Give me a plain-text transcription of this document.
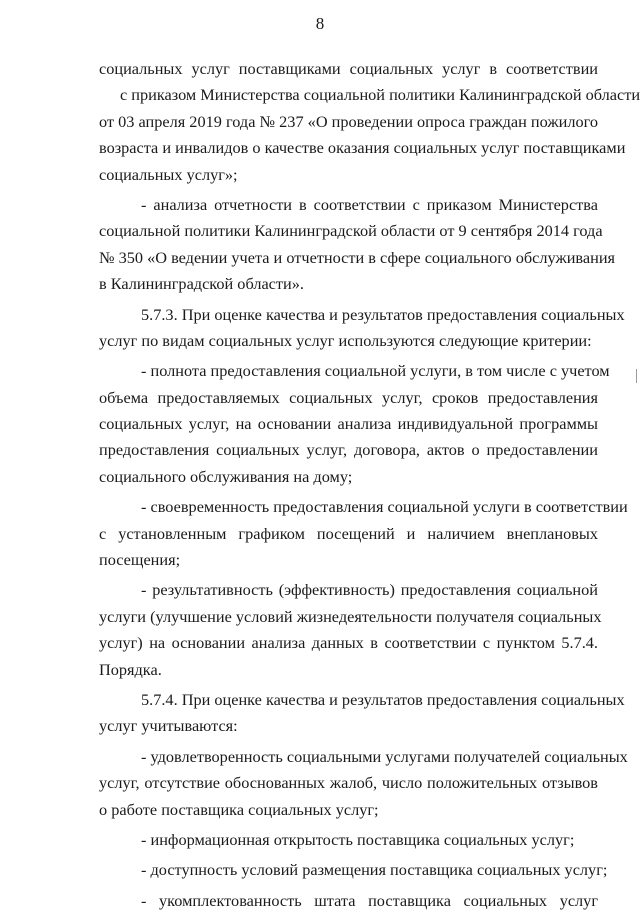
8
социальных услуг поставщиками социальных услуг в соответствии
с приказом Министерства социальной политики Калининградской области
от 03 апреля 2019 года № 237 «О проведении опроса граждан пожилого
возраста и инвалидов о качестве оказания социальных услуг поставщиками
социальных услуг»;
- анализа отчетности в соответствии с приказом Министерства
социальной политики Калининградской области от 9 сентября 2014 года
№ 350 «О ведении учета и отчетности в сфере социального обслуживания
в Калининградской области».
5.7.3. При оценке качества и результатов предоставления социальных
услуг по видам социальных услуг используются следующие критерии:
- полнота предоставления социальной услуги, в том числе с учетом
объема предоставляемых социальных услуг, сроков предоставления
социальных услуг, на основании анализа индивидуальной программы
предоставления социальных услуг, договора, актов о предоставлении
социального обслуживания на дому;
- своевременность предоставления социальной услуги в соответствии
с установленным графиком посещений и наличием внеплановых
посещения;
- результативность (эффективность) предоставления социальной
услуги (улучшение условий жизнедеятельности получателя социальных
услуг) на основании анализа данных в соответствии с пунктом 5.7.4.
Порядка.
5.7.4. При оценке качества и результатов предоставления социальных
услуг учитываются:
- удовлетворенность социальными услугами получателей социальных
услуг, отсутствие обоснованных жалоб, число положительных отзывов
о работе поставщика социальных услуг;
- информационная открытость поставщика социальных услуг;
- доступность условий размещения поставщика социальных услуг;
- укомплектованность штата поставщика социальных услуг
